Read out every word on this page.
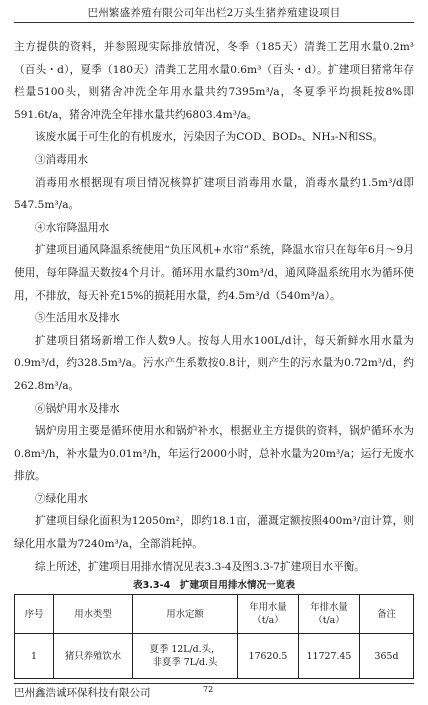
巴州繁盛养殖有限公司年出栏2万头生猪养殖建设项目

主方提供的资料，并参照现实际排放情况，冬季（185天）清粪工艺用水量0.2m³（百头・d），夏季（180天）清粪工艺用水量0.6m³（百头・d）。扩建项目猪常年存栏量5100头，则猪舍冲洗全年用水量共约7395m³/a，冬夏季平均损耗按8%即591.6t/a，猪舍冲洗全年排水量共约6803.4m³/a。

该废水属于可生化的有机废水，污染因子为COD、BOD₅、NH₃-N和SS。

③消毒用水

消毒用水根据现有项目情况核算扩建项目消毒用水量，消毒水量约1.5m³/d即547.5m³/a。

④水帘降温用水

扩建项目通风降温系统使用“负压风机+水帘”系统，降温水帘只在每年6月～9月使用，每年降温天数按4个月计。循环用水量约30m³/d，通风降温系统用水为循环使用，不排放，每天补充15%的损耗用水量，约4.5m³/d（540m³/a）。

⑤生活用水及排水

扩建项目猪场新增工作人数9人。按每人用水100L/d计，每天新鲜水用水量为0.9m³/d，约328.5m³/a。污水产生系数按0.8计，则产生的污水量为0.72m³/d，约262.8m³/a。

⑥锅炉用水及排水

锅炉房用主要是循环使用水和锅炉补水，根据业主方提供的资料，锅炉循环水为0.8m³/h，补水量为0.01m³/h，年运行2000小时，总补水量为20m³/a；运行无废水排放。

⑦绿化用水

扩建项目绿化面积为12050m²，即约18.1亩，灌溉定额按照400m³/亩计算，则绿化用水量为7240m³/a，全部消耗掉。

综上所述，扩建项目用排水情况见表3.3-4及图3.3-7扩建项目水平衡。

表3.3-4　扩建项目用排水情况一览表
序号	用水类型	用水定额	年用水量（t/a）	年排水量（t/a）	备注
1	猪只养殖饮水	夏季 12L/d.头，
非夏季 7L/d.头	17620.5	11727.45	365d
巴州鑫浩诚环保科技有限公司	72
